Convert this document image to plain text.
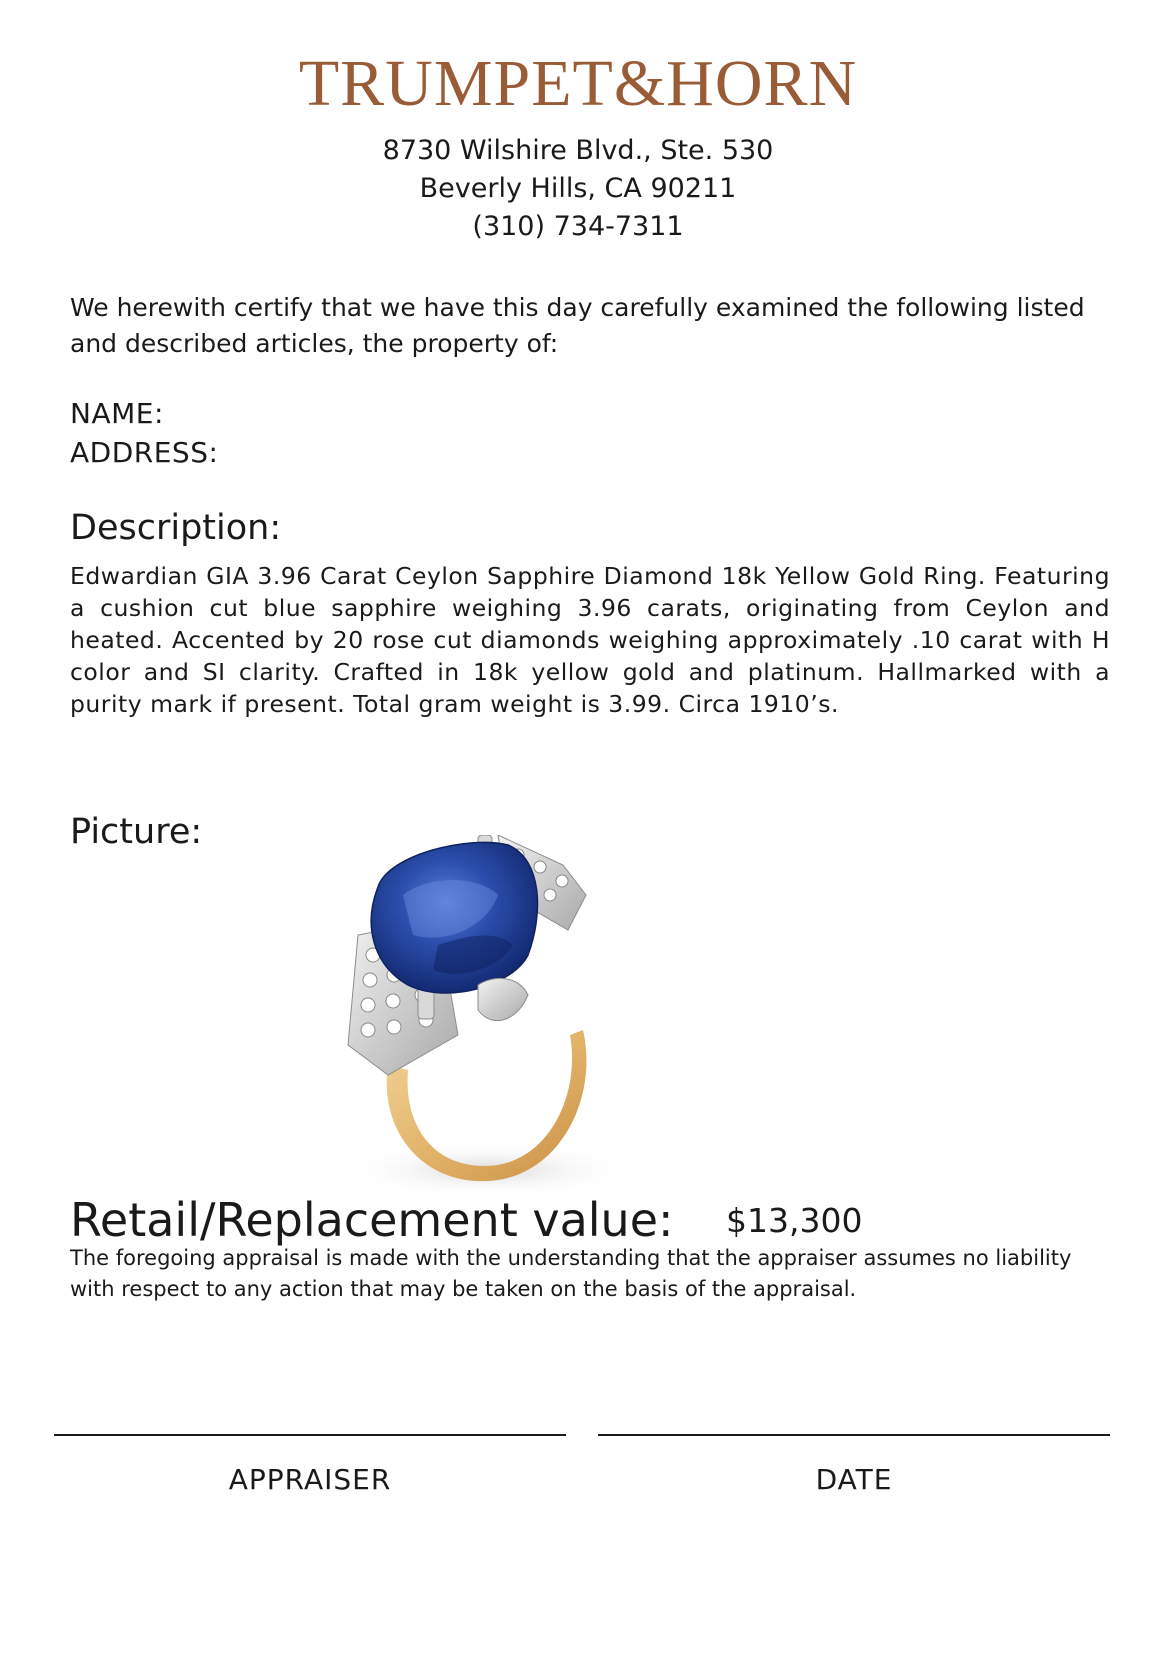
TRUMPET&HORN
8730 Wilshire Blvd., Ste. 530
Beverly Hills, CA 90211
(310) 734-7311
We herewith certify that we have this day carefully examined the following listed and described articles, the property of:
NAME:
ADDRESS:
Description:
Edwardian GIA 3.96 Carat Ceylon Sapphire Diamond 18k Yellow Gold Ring. Featuring a cushion cut blue sapphire weighing 3.96 carats, originating from Ceylon and heated. Accented by 20 rose cut diamonds weighing approximately .10 carat with H color and SI clarity. Crafted in 18k yellow gold and platinum. Hallmarked with a purity mark if present. Total gram weight is 3.99. Circa 1910’s.
Picture:
Retail/Replacement value: $13,300
The foregoing appraisal is made with the understanding that the appraiser assumes no liability with respect to any action that may be taken on the basis of the appraisal.
APPRAISER	DATE
